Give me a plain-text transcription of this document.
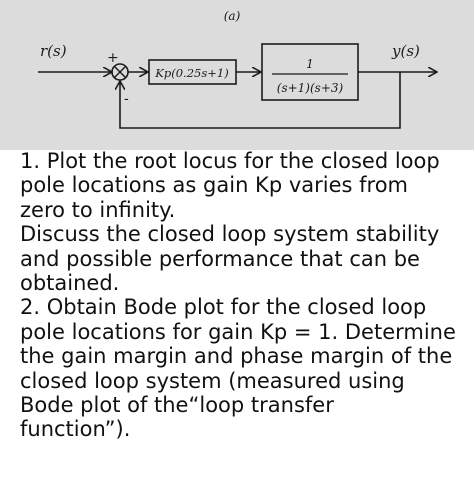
(a)
r(s)	+
Kp(0.25s+1)
1
(s+1)(s+3)
y(s)
-
1. Plot the root locus for the closed loop
pole locations as gain Kp varies from
zero to infinity.
Discuss the closed loop system stability
and possible performance that can be
obtained.
2. Obtain Bode plot for the closed loop
pole locations for gain Kp = 1. Determine
the gain margin and phase margin of the
closed loop system (measured using
Bode plot of the“loop transfer
function”).
